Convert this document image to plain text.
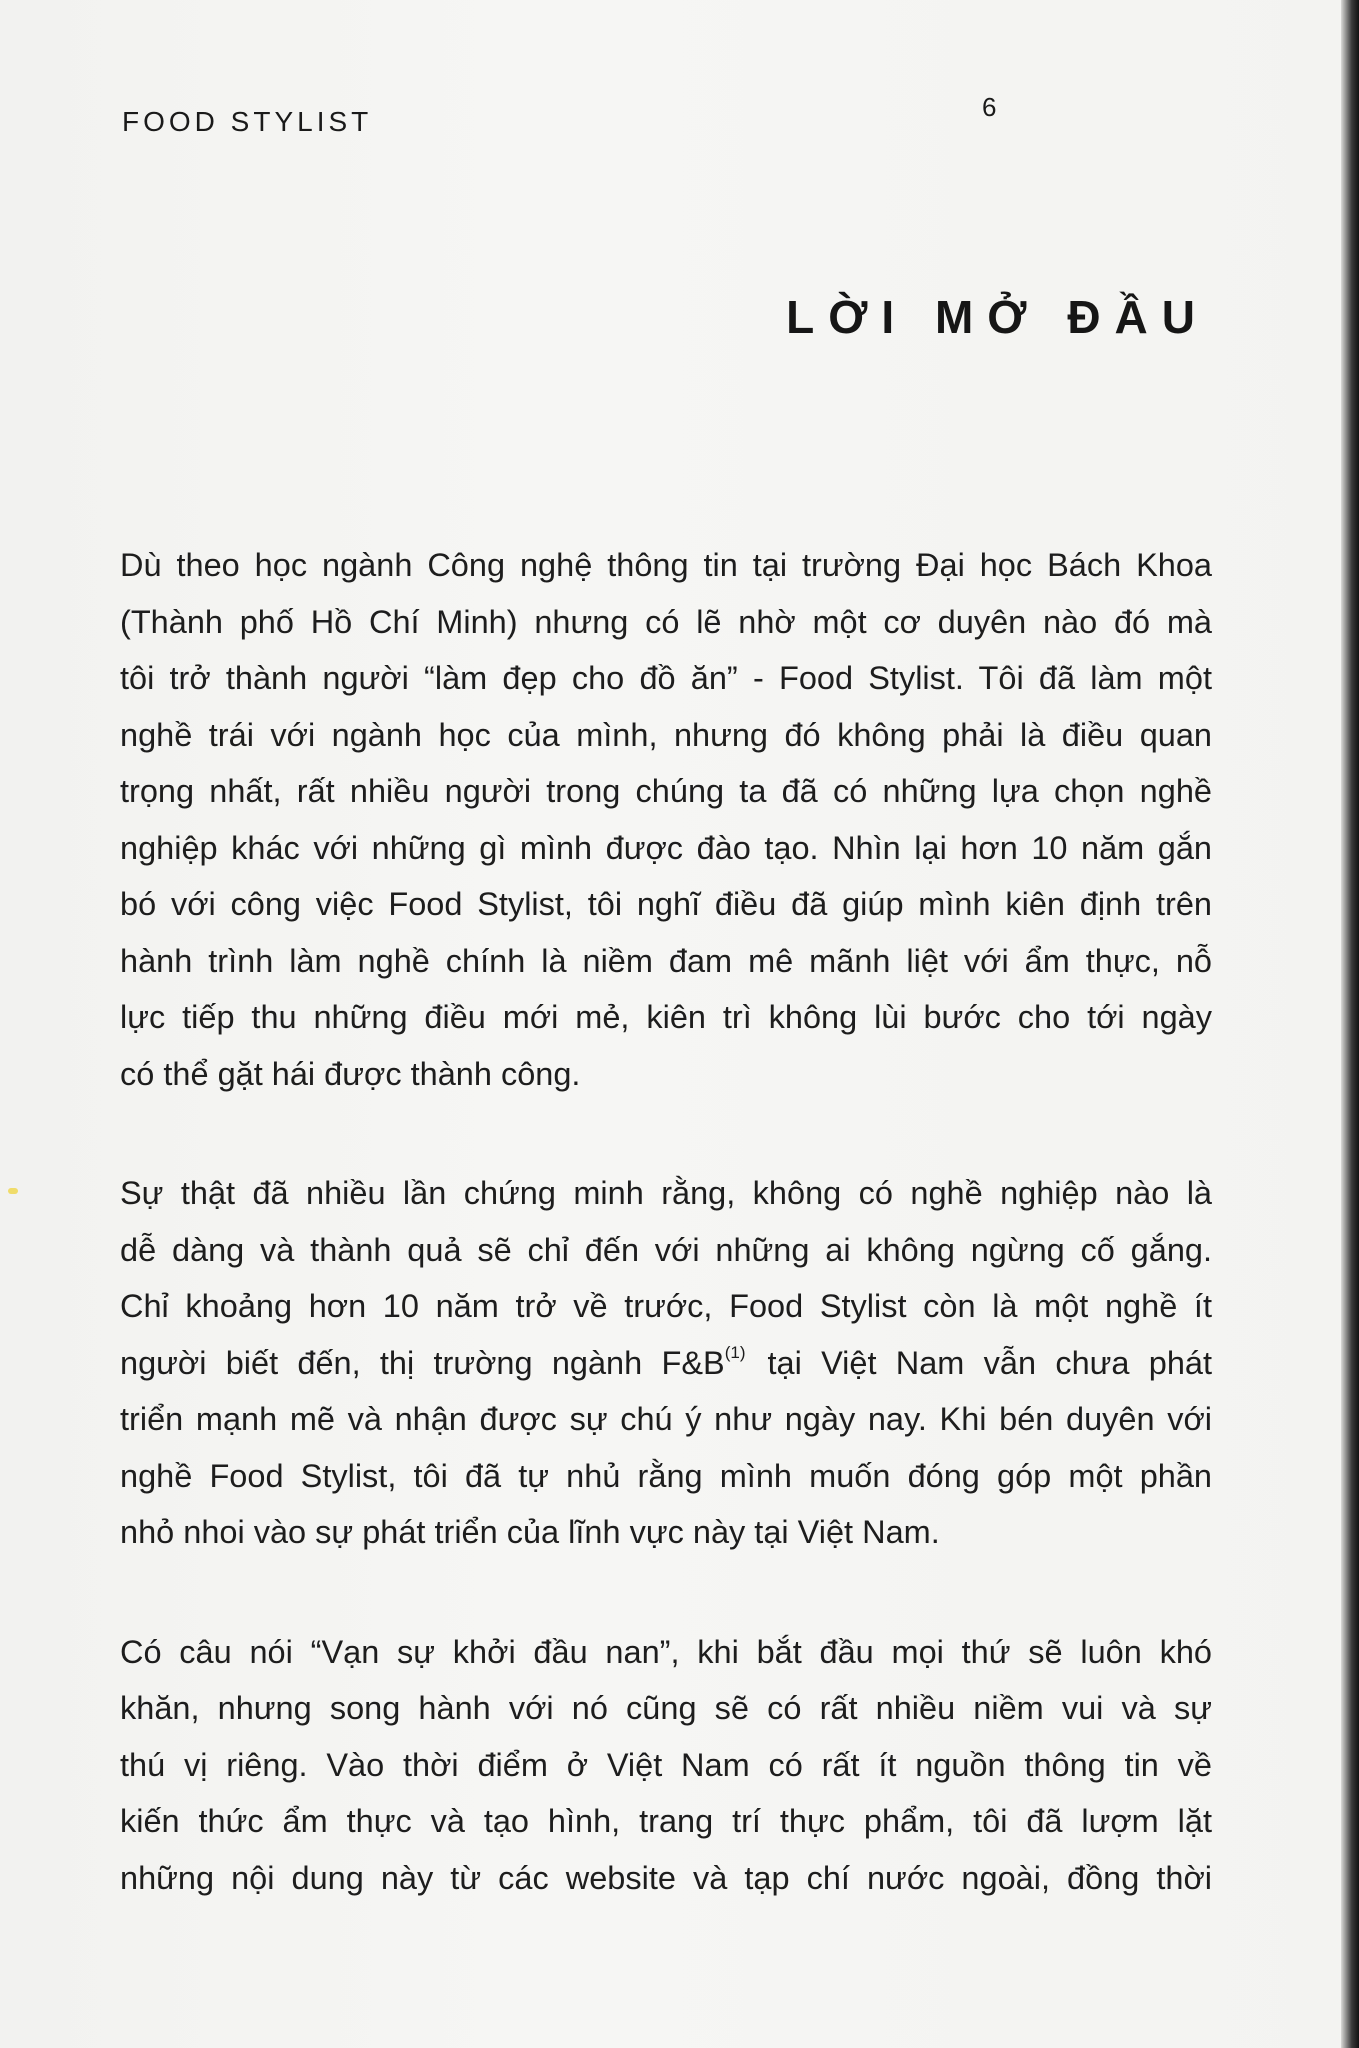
FOOD STYLIST	6
LỜI MỞ ĐẦU
Dù theo học ngành Công nghệ thông tin tại trường Đại học Bách Khoa
(Thành phố Hồ Chí Minh) nhưng có lẽ nhờ một cơ duyên nào đó mà
tôi trở thành người “làm đẹp cho đồ ăn” - Food Stylist. Tôi đã làm một
nghề trái với ngành học của mình, nhưng đó không phải là điều quan
trọng nhất, rất nhiều người trong chúng ta đã có những lựa chọn nghề
nghiệp khác với những gì mình được đào tạo. Nhìn lại hơn 10 năm gắn
bó với công việc Food Stylist, tôi nghĩ điều đã giúp mình kiên định trên
hành trình làm nghề chính là niềm đam mê mãnh liệt với ẩm thực, nỗ
lực tiếp thu những điều mới mẻ, kiên trì không lùi bước cho tới ngày
có thể gặt hái được thành công.
Sự thật đã nhiều lần chứng minh rằng, không có nghề nghiệp nào là
dễ dàng và thành quả sẽ chỉ đến với những ai không ngừng cố gắng.
Chỉ khoảng hơn 10 năm trở về trước, Food Stylist còn là một nghề ít
người biết đến, thị trường ngành F&B$^{(1)}$ tại Việt Nam vẫn chưa phát
triển mạnh mẽ và nhận được sự chú ý như ngày nay. Khi bén duyên với
nghề Food Stylist, tôi đã tự nhủ rằng mình muốn đóng góp một phần
nhỏ nhoi vào sự phát triển của lĩnh vực này tại Việt Nam.
Có câu nói “Vạn sự khởi đầu nan”, khi bắt đầu mọi thứ sẽ luôn khó
khăn, nhưng song hành với nó cũng sẽ có rất nhiều niềm vui và sự
thú vị riêng. Vào thời điểm ở Việt Nam có rất ít nguồn thông tin về
kiến thức ẩm thực và tạo hình, trang trí thực phẩm, tôi đã lượm lặt
những nội dung này từ các website và tạp chí nước ngoài, đồng thời
